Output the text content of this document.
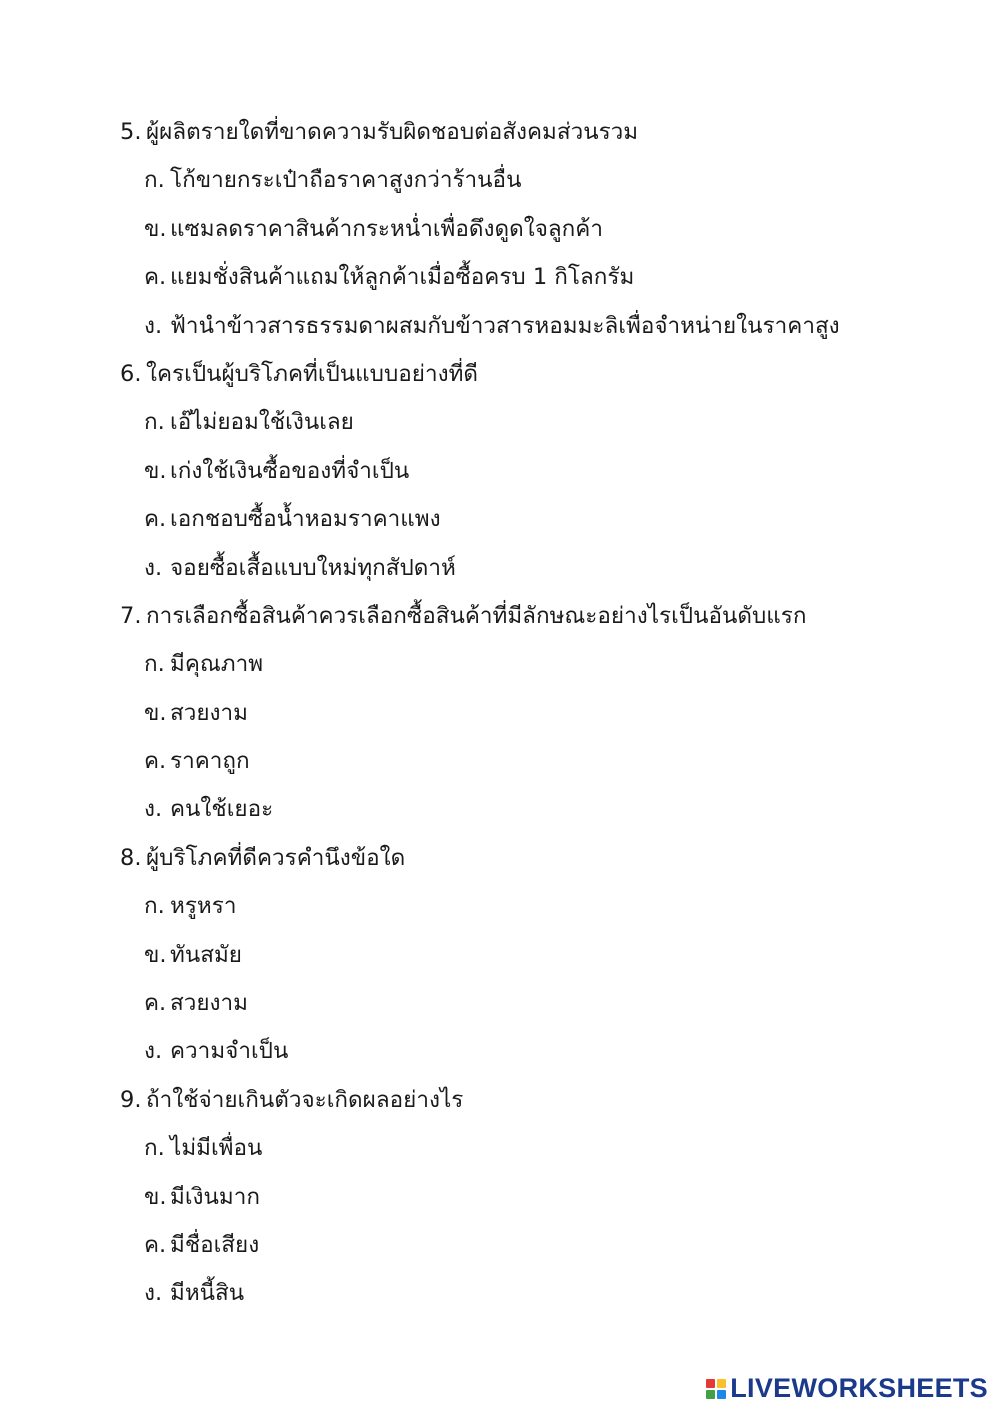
5. ผู้ผลิตรายใดที่ขาดความรับผิดชอบต่อสังคมส่วนรวม
ก. โก้ขายกระเป๋าถือราคาสูงกว่าร้านอื่น
ข. แซมลดราคาสินค้ากระหน่ำเพื่อดึงดูดใจลูกค้า
ค. แยมชั่งสินค้าแถมให้ลูกค้าเมื่อซื้อครบ 1 กิโลกรัม
ง. ฟ้านำข้าวสารธรรมดาผสมกับข้าวสารหอมมะลิเพื่อจำหน่ายในราคาสูง
6. ใครเป็นผู้บริโภคที่เป็นแบบอย่างที่ดี
ก. เอ๊ไม่ยอมใช้เงินเลย
ข. เก่งใช้เงินซื้อของที่จำเป็น
ค. เอกชอบซื้อน้ำหอมราคาแพง
ง. จอยซื้อเสื้อแบบใหม่ทุกสัปดาห์
7. การเลือกซื้อสินค้าควรเลือกซื้อสินค้าที่มีลักษณะอย่างไรเป็นอันดับแรก
ก. มีคุณภาพ
ข. สวยงาม
ค. ราคาถูก
ง. คนใช้เยอะ
8. ผู้บริโภคที่ดีควรคำนึงข้อใด
ก. หรูหรา
ข. ทันสมัย
ค. สวยงาม
ง. ความจำเป็น
9. ถ้าใช้จ่ายเกินตัวจะเกิดผลอย่างไร
ก. ไม่มีเพื่อน
ข. มีเงินมาก
ค. มีชื่อเสียง
ง. มีหนี้สิน
LIVEWORKSHEETS
